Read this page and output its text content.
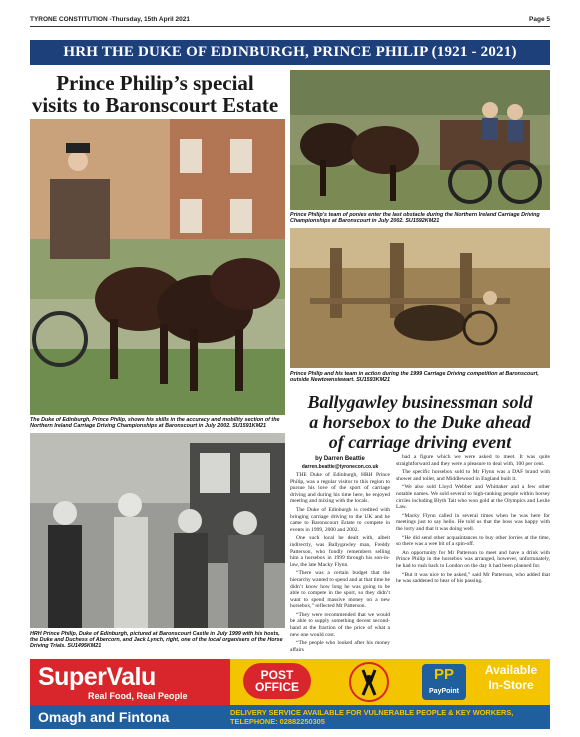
TYRONE CONSTITUTION -Thursday, 15th April 2021	Page 5
HRH THE DUKE OF EDINBURGH, PRINCE PHILIP (1921 - 2021)
Prince Philip’s special
visits to Baronscourt Estate
The Duke of Edinburgh, Prince Philip, shows his skills in the accuracy and mobility section of the Northern Ireland Carriage Driving Championships at Baronscourt in July 2002. SU1591KM21
Prince Philip’s team of ponies enter the last obstacle during the Northern Ireland Carriage Driving Championships at Baronscourt in July 2002. SU1592KM21
Prince Philip and his team in action during the 1999 Carriage Driving competition at Baronscourt, outside Newtownstewart. SU1593KM21
Ballygawley businessman sold
a horsebox to the Duke ahead
of carriage driving event
HRH Prince Philip, Duke of Edinburgh, pictured at Baronscourt Castle in July 1999 with his hosts, the Duke and Duchess of Abercorn, and Jack Lynch, right, one of the local organisers of the Horse Driving Trials. SU1495KM21
by Darren Beattie
darren.beattie@tyronecon.co.uk

THE Duke of Edinburgh, HRH Prince Philip, was a regular visitor to this region to pursue his love of the sport of carriage driving and during his time here, he enjoyed meeting and mixing with the locals.

The Duke of Edinburgh is credited with bringing carriage driving to the UK and he came to Baronscourt Estate to compete in events in 1999, 2000 and 2002.

One such local he dealt with, albeit indirectly, was Ballygawley man, Freddy Patterson, who fondly remembers selling him a horsebox in 1999 through his son-in-law, the late Macky Flynn.

“There was a certain budget that the hierarchy wanted to spend and at that time he didn’t know how long he was going to be able to compete in the sport, so they didn’t want to spend massive money on a new horsebox,” reflected Mr Patterson.

“They were recommended that we would be able to supply something decent second-hand at the fraction of the price of what a new one would cost.

“The people who looked after his money affairs

had a figure which we were asked to meet. It was quite straightforward and they were a pleasure to deal with, 100 per cent.

The specific horsebox sold to Mr Flynn was a DAF brand with shower and toilet, and Middlewood in England built it.

“We also sold Lloyd Webber and Whittaker and a few other notable names. We sold several to high-ranking people within horsey circles including Blyth Tait who won gold at the Olympics and Leslie Law.

“Macky Flynn called in several times when he was here for meetings just to say hello. He told us that the boss was happy with the lorry and that it was doing well.

“He did send other acquaintances to buy other lorries at the time, so there was a wee bit of a spin-off.

An opportunity for Mr Patterson to meet and have a drink with Prince Philip in the horsebox was arranged, however, unfortunately, he had to rush back to London on the day it had been planned for.

“But it was nice to be asked,” said Mr Patterson, who added that he was saddened to hear of his passing.

SuperValu
Real Food, Real People
Omagh and Fintona
POST
OFFICE
PP
PayPoint
Available
In-Store
DELIVERY SERVICE AVAILABLE FOR VULNERABLE PEOPLE & KEY WORKERS, TELEPHONE: 02882250305
